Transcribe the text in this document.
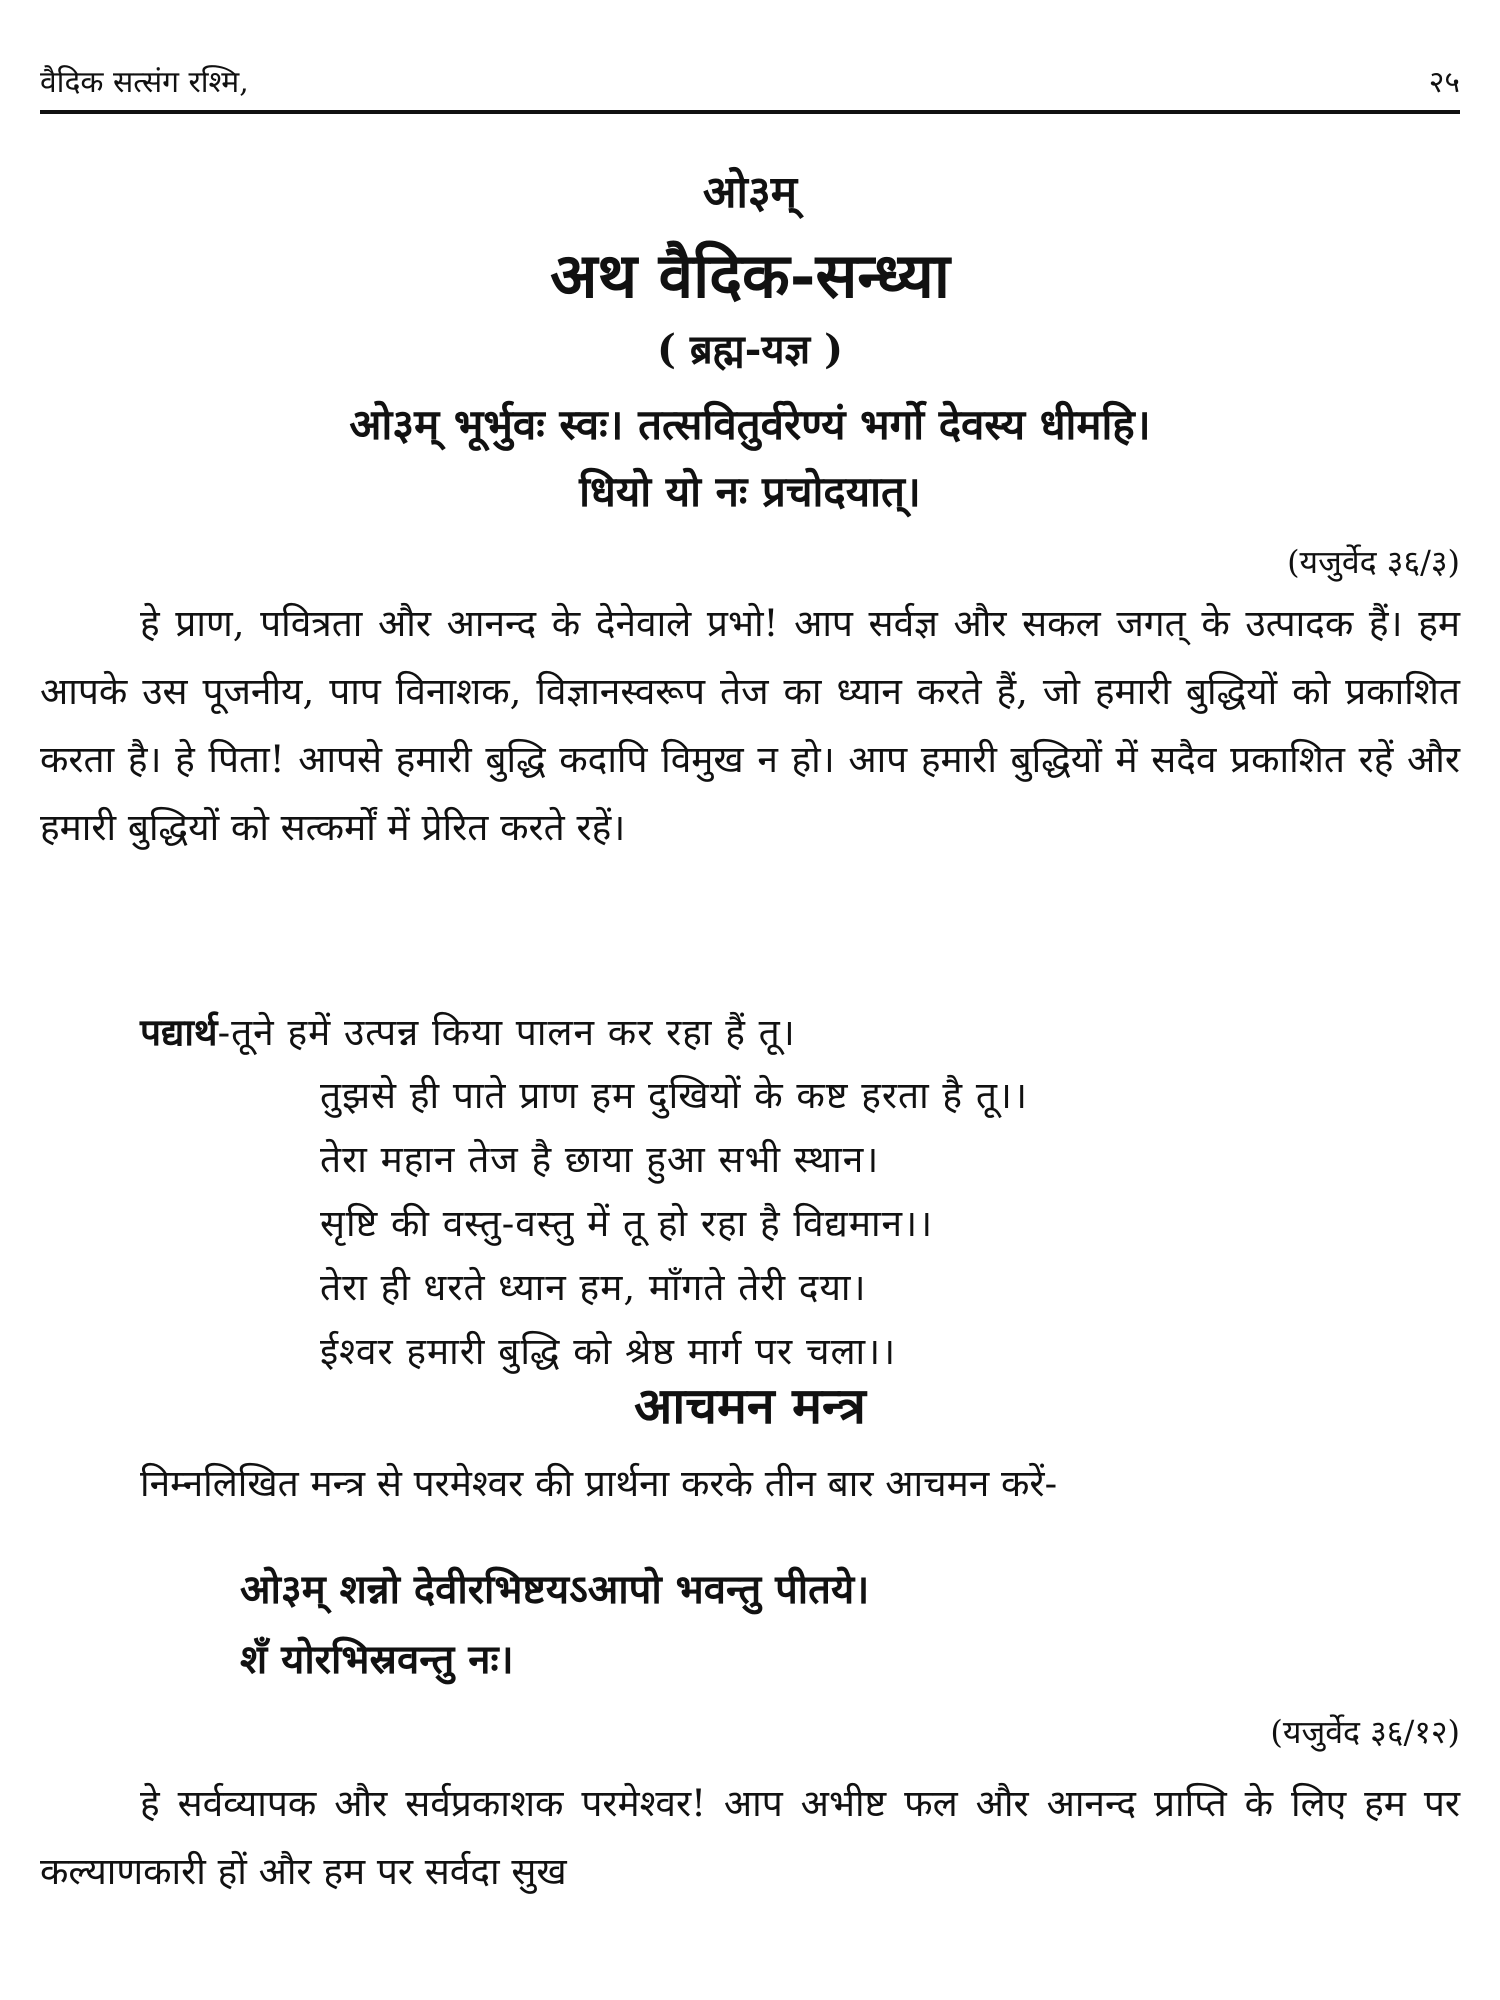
वैदिक सत्संग रश्मि,	२५
ओ३म्
अथ वैदिक-सन्ध्या
( ब्रह्म-यज्ञ )
ओ३म् भूर्भुवः स्वः। तत्सवितुर्वरेण्यं भर्गो देवस्य धीमहि।
धियो यो नः प्रचोदयात्।
(यजुर्वेद ३६/३)

हे प्राण, पवित्रता और आनन्द के देनेवाले प्रभो! आप सर्वज्ञ और सकल जगत् के उत्पादक हैं। हम आपके उस पूजनीय, पाप विनाशक, विज्ञानस्वरूप तेज का ध्यान करते हैं, जो हमारी बुद्धियों को प्रकाशित करता है। हे पिता! आपसे हमारी बुद्धि कदापि विमुख न हो। आप हमारी बुद्धियों में सदैव प्रकाशित रहें और हमारी बुद्धियों को सत्कर्मों में प्रेरित करते रहें।

पद्यार्थ-तूने हमें उत्पन्न किया पालन कर रहा हैं तू।
तुझसे ही पाते प्राण हम दुखियों के कष्ट हरता है तू।।
तेरा महान तेज है छाया हुआ सभी स्थान।
सृष्टि की वस्तु-वस्तु में तू हो रहा है विद्यमान।।
तेरा ही धरते ध्यान हम, माँगते तेरी दया।
ईश्वर हमारी बुद्धि को श्रेष्ठ मार्ग पर चला।।
आचमन मन्त्र

निम्नलिखित मन्त्र से परमेश्वर की प्रार्थना करके तीन बार आचमन करें-

ओ३म् शन्नो देवीरभिष्टयऽआपो भवन्तु पीतये।
शँ योरभिस्रवन्तु नः।
(यजुर्वेद ३६/१२)

हे सर्वव्यापक और सर्वप्रकाशक परमेश्वर! आप अभीष्ट फल और आनन्द प्राप्ति के लिए हम पर कल्याणकारी हों और हम पर सर्वदा सुख
